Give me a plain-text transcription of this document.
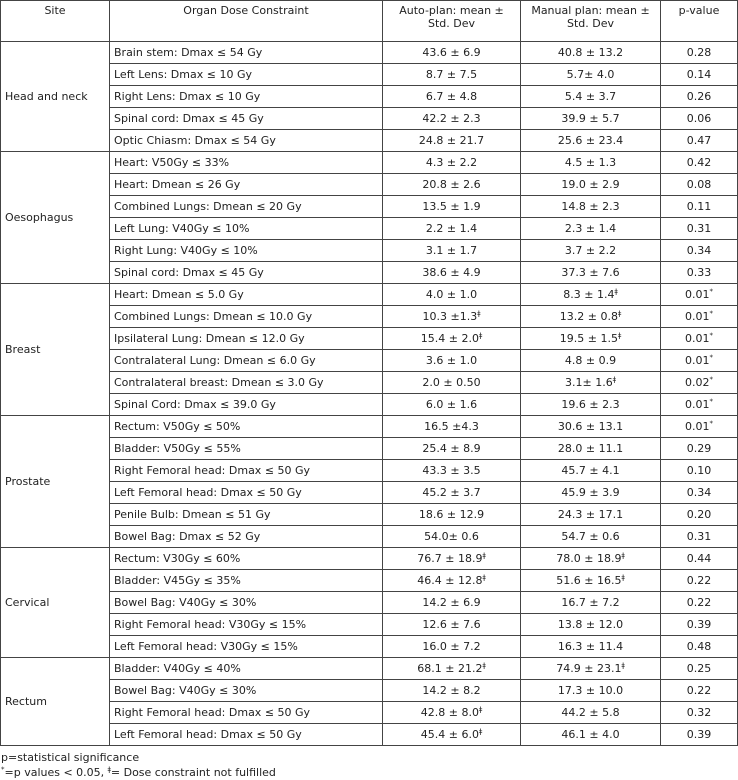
Site	Organ Dose Constraint	Auto-plan: mean ± Std. Dev	Manual plan: mean ± Std. Dev	p-value
Head and neck	Brain stem: Dmax ≤ 54 Gy	43.6 ± 6.9	40.8 ± 13.2	0.28
	Left Lens: Dmax ≤ 10 Gy	8.7 ± 7.5	5.7± 4.0	0.14
	Right Lens: Dmax ≤ 10 Gy	6.7 ± 4.8	5.4 ± 3.7	0.26
	Spinal cord: Dmax ≤ 45 Gy	42.2 ± 2.3	39.9 ± 5.7	0.06
	Optic Chiasm: Dmax ≤ 54 Gy	24.8 ± 21.7	25.6 ± 23.4	0.47
Oesophagus	Heart: V50Gy ≤ 33%	4.3 ± 2.2	4.5 ± 1.3	0.42
	Heart: Dmean ≤ 26 Gy	20.8 ± 2.6	19.0 ± 2.9	0.08
	Combined Lungs: Dmean ≤ 20 Gy	13.5 ± 1.9	14.8 ± 2.3	0.11
	Left Lung: V40Gy ≤ 10%	2.2 ± 1.4	2.3 ± 1.4	0.31
	Right Lung: V40Gy ≤ 10%	3.1 ± 1.7	3.7 ± 2.2	0.34
	Spinal cord: Dmax ≤ 45 Gy	38.6 ± 4.9	37.3 ± 7.6	0.33
Breast	Heart: Dmean ≤ 5.0 Gy	4.0 ± 1.0	$8.3 \pm 1.4^ǂ$	0.01*
	Combined Lungs: Dmean ≤ 10.0 Gy	$10.3 \pm 1.3^ǂ$	$13.2 \pm 0.8^ǂ$	0.01*
	Ipsilateral Lung: Dmean ≤ 12.0 Gy	$15.4 \pm 2.0^ǂ$	$19.5 \pm 1.5^ǂ$	0.01*
	Contralateral Lung: Dmean ≤ 6.0 Gy	3.6 ± 1.0	4.8 ± 0.9	0.01*
	Contralateral breast: Dmean ≤ 3.0 Gy	2.0 ± 0.50	$3.1\pm 1.6^ǂ$	0.02*
	Spinal Cord: Dmax ≤ 39.0 Gy	6.0 ± 1.6	19.6 ± 2.3	0.01*
Prostate	Rectum: V50Gy ≤ 50%	16.5 ±4.3	30.6 ± 13.1	0.01*
	Bladder: V50Gy ≤ 55%	25.4 ± 8.9	28.0 ± 11.1	0.29
	Right Femoral head: Dmax ≤ 50 Gy	43.3 ± 3.5	45.7 ± 4.1	0.10
	Left Femoral head: Dmax ≤ 50 Gy	45.2 ± 3.7	45.9 ± 3.9	0.34
	Penile Bulb: Dmean ≤ 51 Gy	18.6 ± 12.9	24.3 ± 17.1	0.20
	Bowel Bag: Dmax ≤ 52 Gy	54.0± 0.6	54.7 ± 0.6	0.31
Cervical	Rectum: V30Gy ≤ 60%	$76.7 \pm 18.9^ǂ$	$78.0 \pm 18.9^ǂ$	0.44
	Bladder: V45Gy ≤ 35%	$46.4 \pm 12.8^ǂ$	$51.6 \pm 16.5^ǂ$	0.22
	Bowel Bag: V40Gy ≤ 30%	14.2 ± 6.9	16.7 ± 7.2	0.22
	Right Femoral head: V30Gy ≤ 15%	12.6 ± 7.6	13.8 ± 12.0	0.39
	Left Femoral head: V30Gy ≤ 15%	16.0 ± 7.2	16.3 ± 11.4	0.48
Rectum	Bladder: V40Gy ≤ 40%	$68.1 \pm 21.2^ǂ$	$74.9 \pm 23.1^ǂ$	0.25
	Bowel Bag: V40Gy ≤ 30%	14.2 ± 8.2	17.3 ± 10.0	0.22
	Right Femoral head: Dmax ≤ 50 Gy	$42.8 \pm 8.0^ǂ$	44.2 ± 5.8	0.32
	Left Femoral head: Dmax ≤ 50 Gy	$45.4 \pm 6.0^ǂ$	46.1 ± 4.0	0.39
p=statistical significance
*=p values < 0.05, $^ǂ$= Dose constraint not fulfilled
